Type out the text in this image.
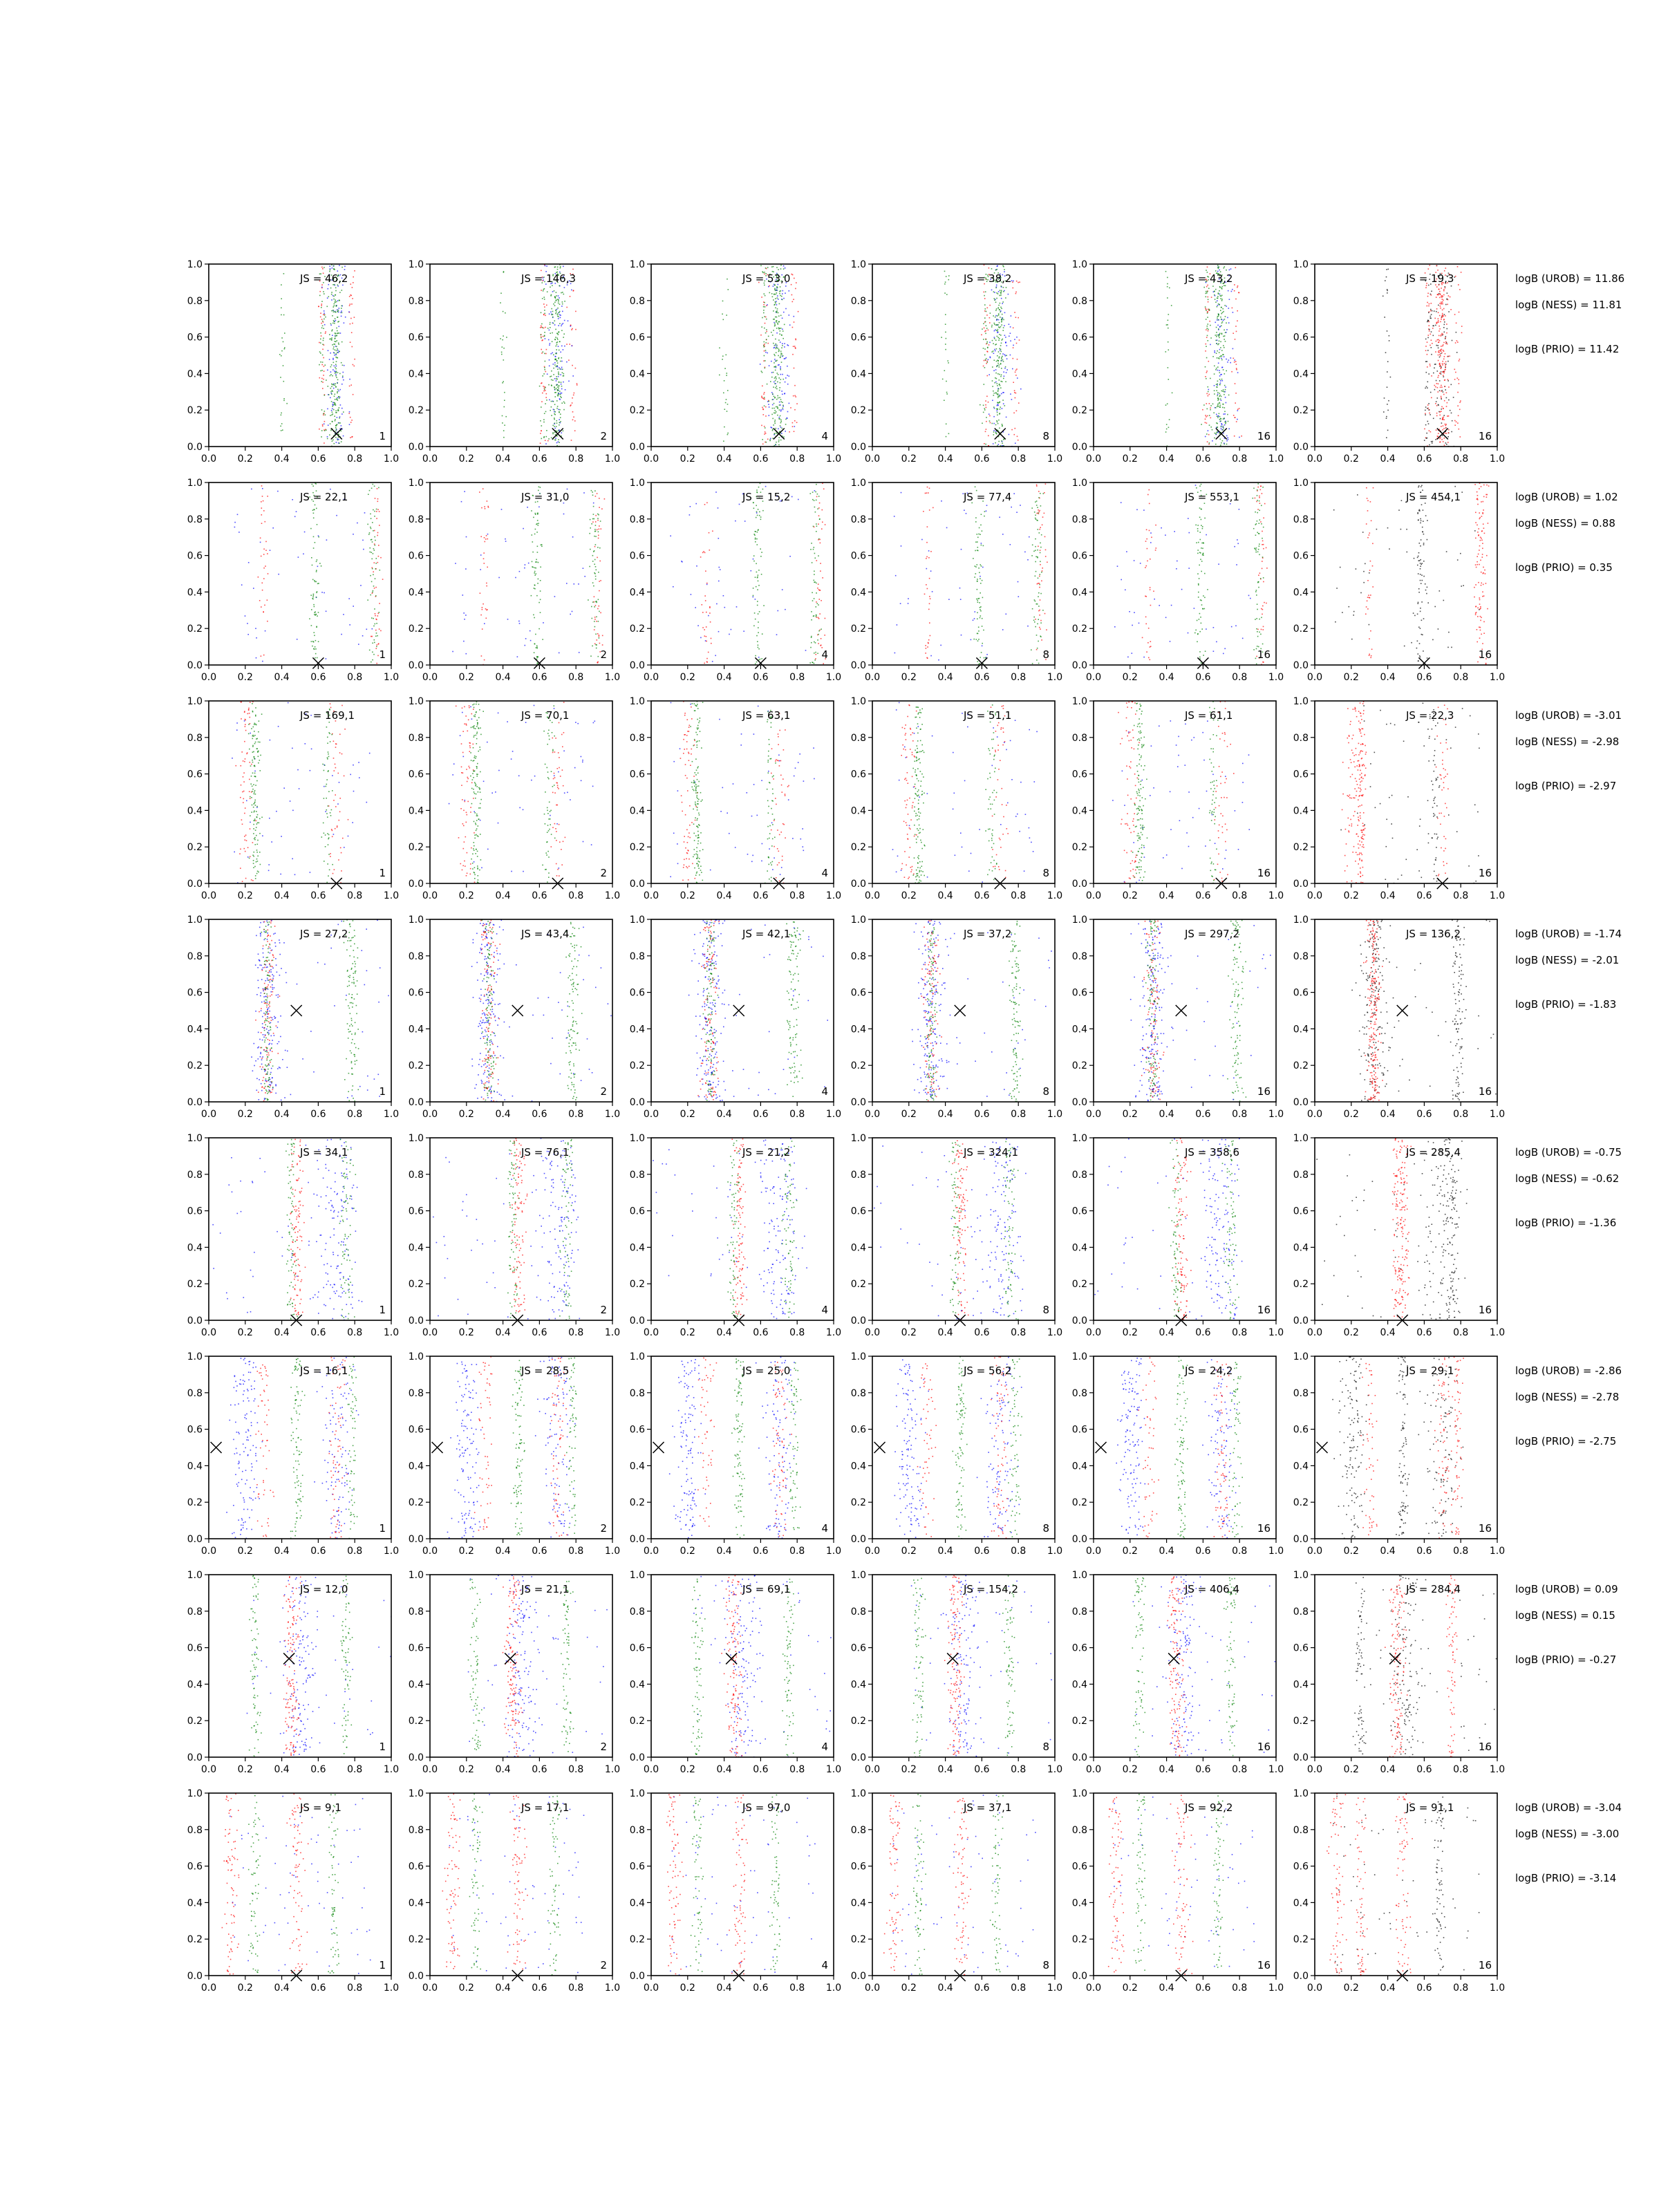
0.0 0.2 0.4 0.6 0.8 1.0
0.0
0.2
0.4
0.6
0.8
1.0
JS = 46,2
1
0.0 0.2 0.4 0.6 0.8 1.0
0.0
0.2
0.4
0.6
0.8
1.0
JS = 146,3
2
0.0 0.2 0.4 0.6 0.8 1.0
0.0
0.2
0.4
0.6
0.8
1.0
JS = 53,0
4
0.0 0.2 0.4 0.6 0.8 1.0
0.0
0.2
0.4
0.6
0.8
1.0
JS = 38,2
8
0.0 0.2 0.4 0.6 0.8 1.0
0.0
0.2
0.4
0.6
0.8
1.0
JS = 43,2
16
0.0 0.2 0.4 0.6 0.8 1.0
0.0
0.2
0.4
0.6
0.8
1.0
JS = 19,3
16
logB (UROB) = 11.86
logB (NESS) = 11.81
logB (PRIO) = 11.42
0.0 0.2 0.4 0.6 0.8 1.0
0.0
0.2
0.4
0.6
0.8
1.0
JS = 22,1
1
0.0 0.2 0.4 0.6 0.8 1.0
0.0
0.2
0.4
0.6
0.8
1.0
JS = 31,0
2
0.0 0.2 0.4 0.6 0.8 1.0
0.0
0.2
0.4
0.6
0.8
1.0
JS = 15,2
4
0.0 0.2 0.4 0.6 0.8 1.0
0.0
0.2
0.4
0.6
0.8
1.0
JS = 77,4
8
0.0 0.2 0.4 0.6 0.8 1.0
0.0
0.2
0.4
0.6
0.8
1.0
JS = 553,1
16
0.0 0.2 0.4 0.6 0.8 1.0
0.0
0.2
0.4
0.6
0.8
1.0
JS = 454,1
16
logB (UROB) = 1.02
logB (NESS) = 0.88
logB (PRIO) = 0.35
0.0 0.2 0.4 0.6 0.8 1.0
0.0
0.2
0.4
0.6
0.8
1.0
JS = 169,1
1
0.0 0.2 0.4 0.6 0.8 1.0
0.0
0.2
0.4
0.6
0.8
1.0
JS = 70,1
2
0.0 0.2 0.4 0.6 0.8 1.0
0.0
0.2
0.4
0.6
0.8
1.0
JS = 63,1
4
0.0 0.2 0.4 0.6 0.8 1.0
0.0
0.2
0.4
0.6
0.8
1.0
JS = 51,1
8
0.0 0.2 0.4 0.6 0.8 1.0
0.0
0.2
0.4
0.6
0.8
1.0
JS = 61,1
16
0.0 0.2 0.4 0.6 0.8 1.0
0.0
0.2
0.4
0.6
0.8
1.0
JS = 22,3
16
logB (UROB) = -3.01
logB (NESS) = -2.98
logB (PRIO) = -2.97
0.0 0.2 0.4 0.6 0.8 1.0
0.0
0.2
0.4
0.6
0.8
1.0
JS = 27,2
1
0.0 0.2 0.4 0.6 0.8 1.0
0.0
0.2
0.4
0.6
0.8
1.0
JS = 43,4
2
0.0 0.2 0.4 0.6 0.8 1.0
0.0
0.2
0.4
0.6
0.8
1.0
JS = 42,1
4
0.0 0.2 0.4 0.6 0.8 1.0
0.0
0.2
0.4
0.6
0.8
1.0
JS = 37,2
8
0.0 0.2 0.4 0.6 0.8 1.0
0.0
0.2
0.4
0.6
0.8
1.0
JS = 297,2
16
0.0 0.2 0.4 0.6 0.8 1.0
0.0
0.2
0.4
0.6
0.8
1.0
JS = 136,2
16
logB (UROB) = -1.74
logB (NESS) = -2.01
logB (PRIO) = -1.83
0.0 0.2 0.4 0.6 0.8 1.0
0.0
0.2
0.4
0.6
0.8
1.0
JS = 34,1
1
0.0 0.2 0.4 0.6 0.8 1.0
0.0
0.2
0.4
0.6
0.8
1.0
JS = 76,1
2
0.0 0.2 0.4 0.6 0.8 1.0
0.0
0.2
0.4
0.6
0.8
1.0
JS = 21,2
4
0.0 0.2 0.4 0.6 0.8 1.0
0.0
0.2
0.4
0.6
0.8
1.0
JS = 324,1
8
0.0 0.2 0.4 0.6 0.8 1.0
0.0
0.2
0.4
0.6
0.8
1.0
JS = 358,6
16
0.0 0.2 0.4 0.6 0.8 1.0
0.0
0.2
0.4
0.6
0.8
1.0
JS = 285,4
16
logB (UROB) = -0.75
logB (NESS) = -0.62
logB (PRIO) = -1.36
0.0 0.2 0.4 0.6 0.8 1.0
0.0
0.2
0.4
0.6
0.8
1.0
JS = 16,1
1
0.0 0.2 0.4 0.6 0.8 1.0
0.0
0.2
0.4
0.6
0.8
1.0
JS = 28,5
2
0.0 0.2 0.4 0.6 0.8 1.0
0.0
0.2
0.4
0.6
0.8
1.0
JS = 25,0
4
0.0 0.2 0.4 0.6 0.8 1.0
0.0
0.2
0.4
0.6
0.8
1.0
JS = 56,2
8
0.0 0.2 0.4 0.6 0.8 1.0
0.0
0.2
0.4
0.6
0.8
1.0
JS = 24,2
16
0.0 0.2 0.4 0.6 0.8 1.0
0.0
0.2
0.4
0.6
0.8
1.0
JS = 29,1
16
logB (UROB) = -2.86
logB (NESS) = -2.78
logB (PRIO) = -2.75
0.0 0.2 0.4 0.6 0.8 1.0
0.0
0.2
0.4
0.6
0.8
1.0
JS = 12,0
1
0.0 0.2 0.4 0.6 0.8 1.0
0.0
0.2
0.4
0.6
0.8
1.0
JS = 21,1
2
0.0 0.2 0.4 0.6 0.8 1.0
0.0
0.2
0.4
0.6
0.8
1.0
JS = 69,1
4
0.0 0.2 0.4 0.6 0.8 1.0
0.0
0.2
0.4
0.6
0.8
1.0
JS = 154,2
8
0.0 0.2 0.4 0.6 0.8 1.0
0.0
0.2
0.4
0.6
0.8
1.0
JS = 406,4
16
0.0 0.2 0.4 0.6 0.8 1.0
0.0
0.2
0.4
0.6
0.8
1.0
JS = 284,4
16
logB (UROB) = 0.09
logB (NESS) = 0.15
logB (PRIO) = -0.27
0.0 0.2 0.4 0.6 0.8 1.0
0.0
0.2
0.4
0.6
0.8
1.0
JS = 9,1
1
0.0 0.2 0.4 0.6 0.8 1.0
0.0
0.2
0.4
0.6
0.8
1.0
JS = 17,1
2
0.0 0.2 0.4 0.6 0.8 1.0
0.0
0.2
0.4
0.6
0.8
1.0
JS = 97,0
4
0.0 0.2 0.4 0.6 0.8 1.0
0.0
0.2
0.4
0.6
0.8
1.0
JS = 37,1
8
0.0 0.2 0.4 0.6 0.8 1.0
0.0
0.2
0.4
0.6
0.8
1.0
JS = 92,2
16
0.0 0.2 0.4 0.6 0.8 1.0
0.0
0.2
0.4
0.6
0.8
1.0
JS = 91,1
16
logB (UROB) = -3.04
logB (NESS) = -3.00
logB (PRIO) = -3.14
